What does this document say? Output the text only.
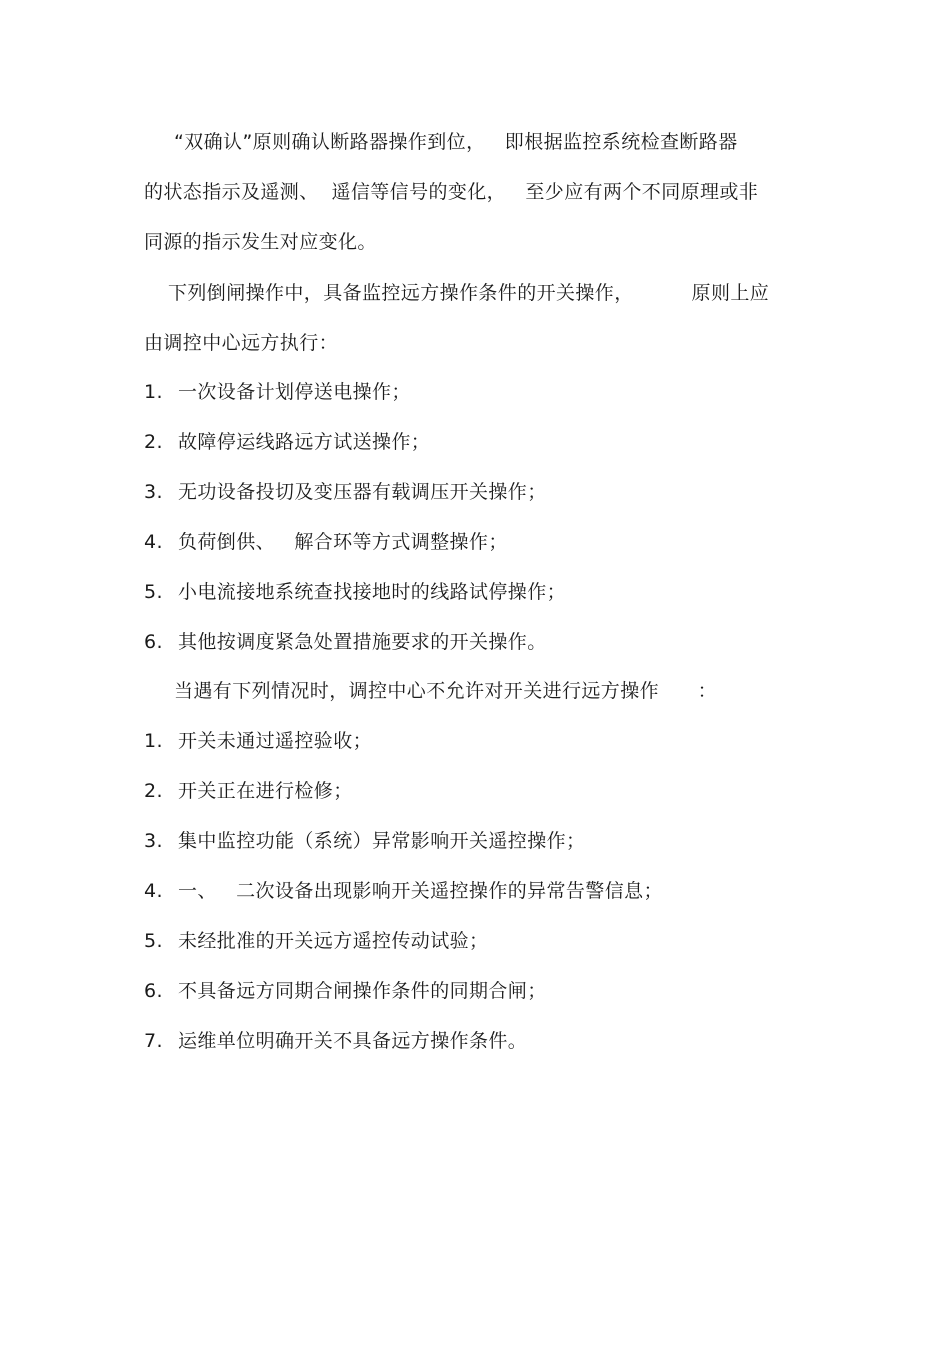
“双确认”原则确认断路器操作到位，   即根据监控系统检查断路器
的状态指示及遥测、  遥信等信号的变化，   至少应有两个不同原理或非
同源的指示发生对应变化。
下列倒闸操作中，具备监控远方操作条件的开关操作，         原则上应
由调控中心远方执行：
1. 一次设备计划停送电操作；
2. 故障停运线路远方试送操作；
3. 无功设备投切及变压器有载调压开关操作；
4. 负荷倒供、   解合环等方式调整操作；
5. 小电流接地系统查找接地时的线路试停操作；
6. 其他按调度紧急处置措施要求的开关操作。
当遇有下列情况时，调控中心不允许对开关进行远方操作      ：
1. 开关未通过遥控验收；
2. 开关正在进行检修；
3. 集中监控功能（系统）异常影响开关遥控操作；
4. 一、   二次设备出现影响开关遥控操作的异常告警信息；
5. 未经批准的开关远方遥控传动试验；
6. 不具备远方同期合闸操作条件的同期合闸；
7. 运维单位明确开关不具备远方操作条件。
